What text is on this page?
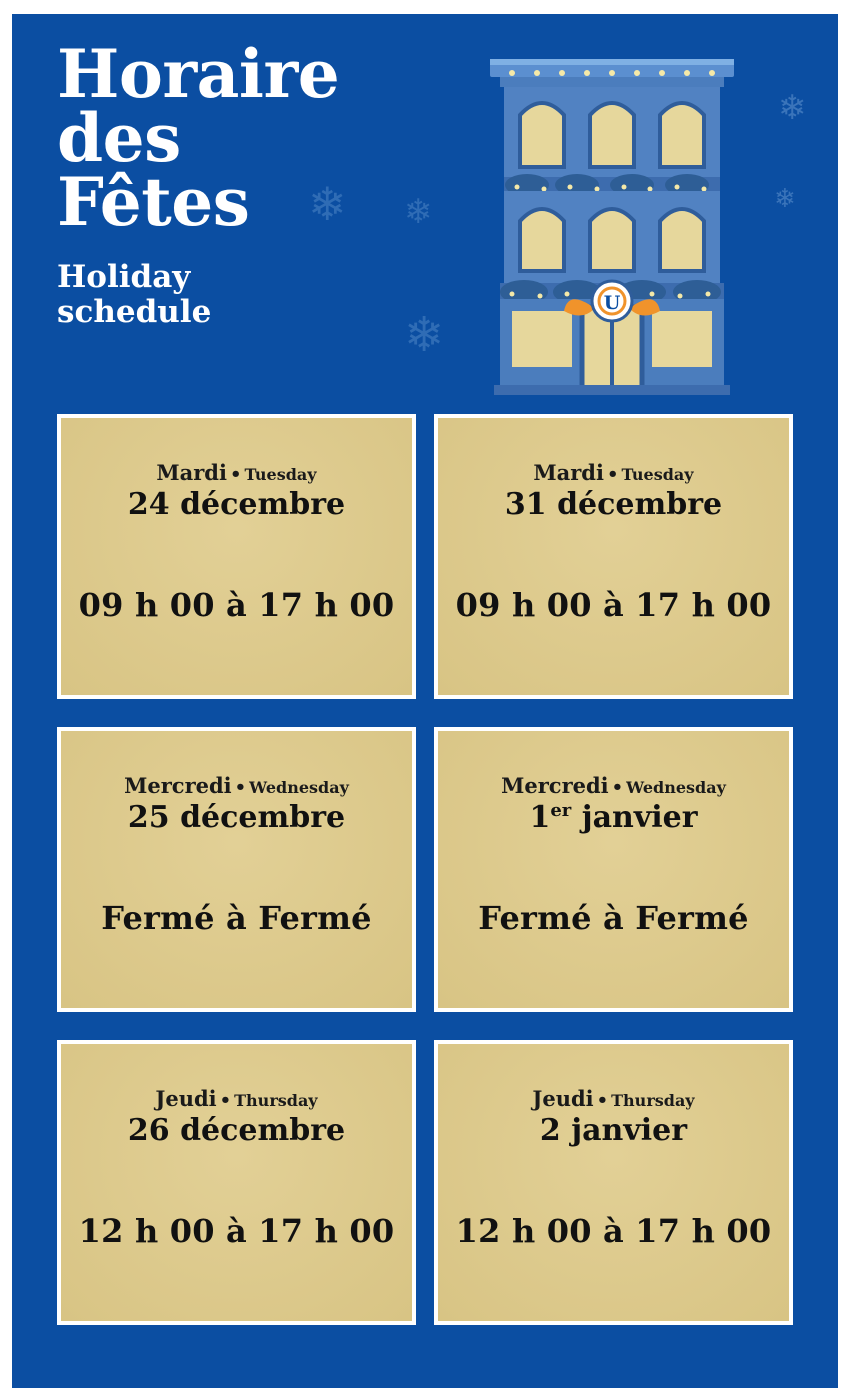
Horaire
des
Fêtes
Holiday
schedule
❄ ❄
❄
❄
❄
U
Mardi • Tuesday
24 décembre
09 h 00 à 17 h 00
Mardi • Tuesday
31 décembre
09 h 00 à 17 h 00
Mercredi • Wednesday
25 décembre
Fermé à Fermé
Mercredi • Wednesday
1er janvier
Fermé à Fermé
Jeudi • Thursday
26 décembre
12 h 00 à 17 h 00
Jeudi • Thursday
2 janvier
12 h 00 à 17 h 00
